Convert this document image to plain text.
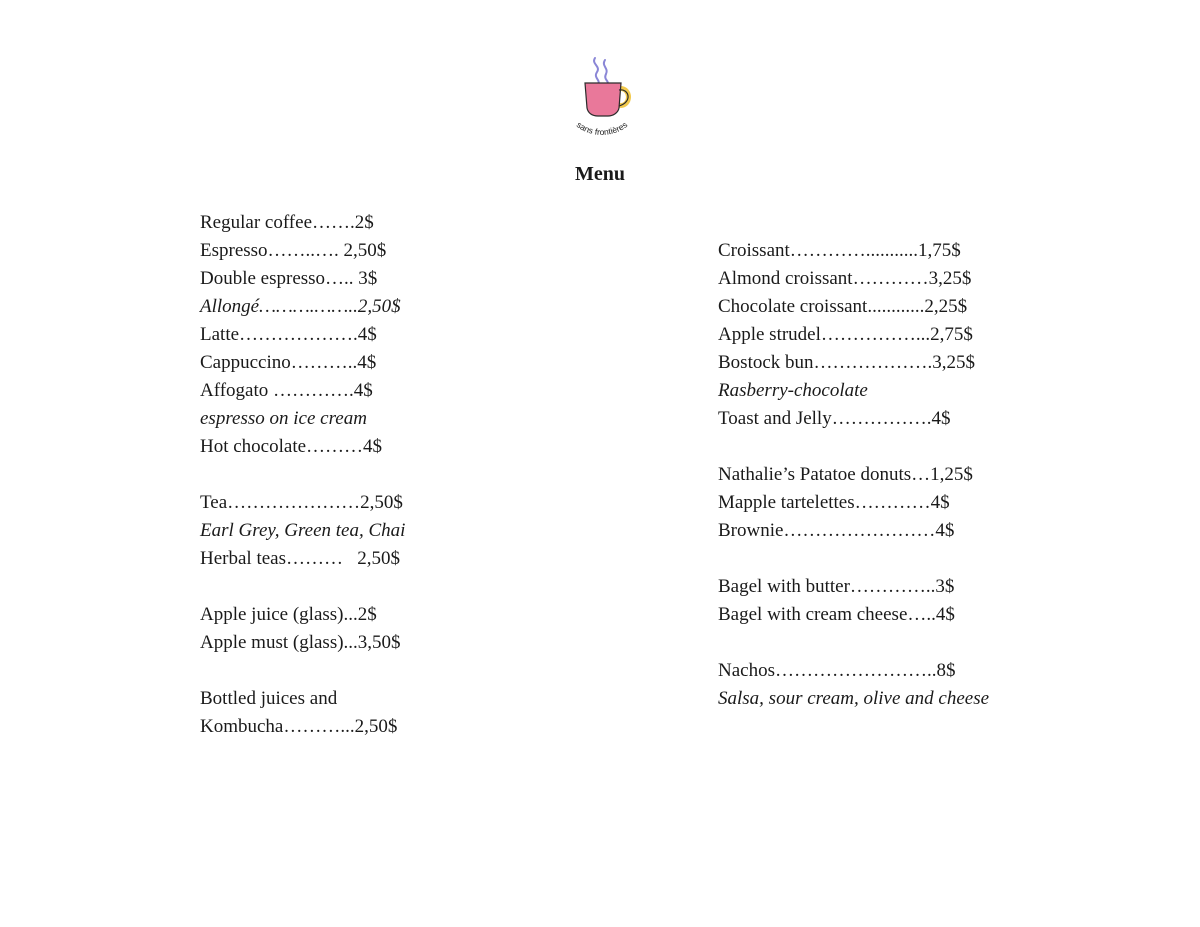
sans frontières
Menu
Regular coffee…….2$
Espresso……..…. 2,50$
Double espresso….. 3$
Allongé……….……..2,50$
Latte……………….4$
Cappuccino………..4$
Affogato ………….4$
espresso on ice cream
Hot chocolate………4$
Tea…………………2,50$
Earl Grey, Green tea, Chai
Herbal teas………   2,50$
Apple juice (glass)...2$
Apple must (glass)...3,50$
Bottled juices and
Kombucha………...2,50$
Croissant…………...........1,75$
Almond croissant…………3,25$
Chocolate croissant............2,25$
Apple strudel……………...2,75$
Bostock bun……………….3,25$
Rasberry-chocolate
Toast and Jelly…………….4$
Nathalie’s Patatoe donuts…1,25$
Mapple tartelettes…………4$
Brownie……………………4$
Bagel with butter…………..3$
Bagel with cream cheese…..4$
Nachos……………………..8$
Salsa, sour cream, olive and cheese
